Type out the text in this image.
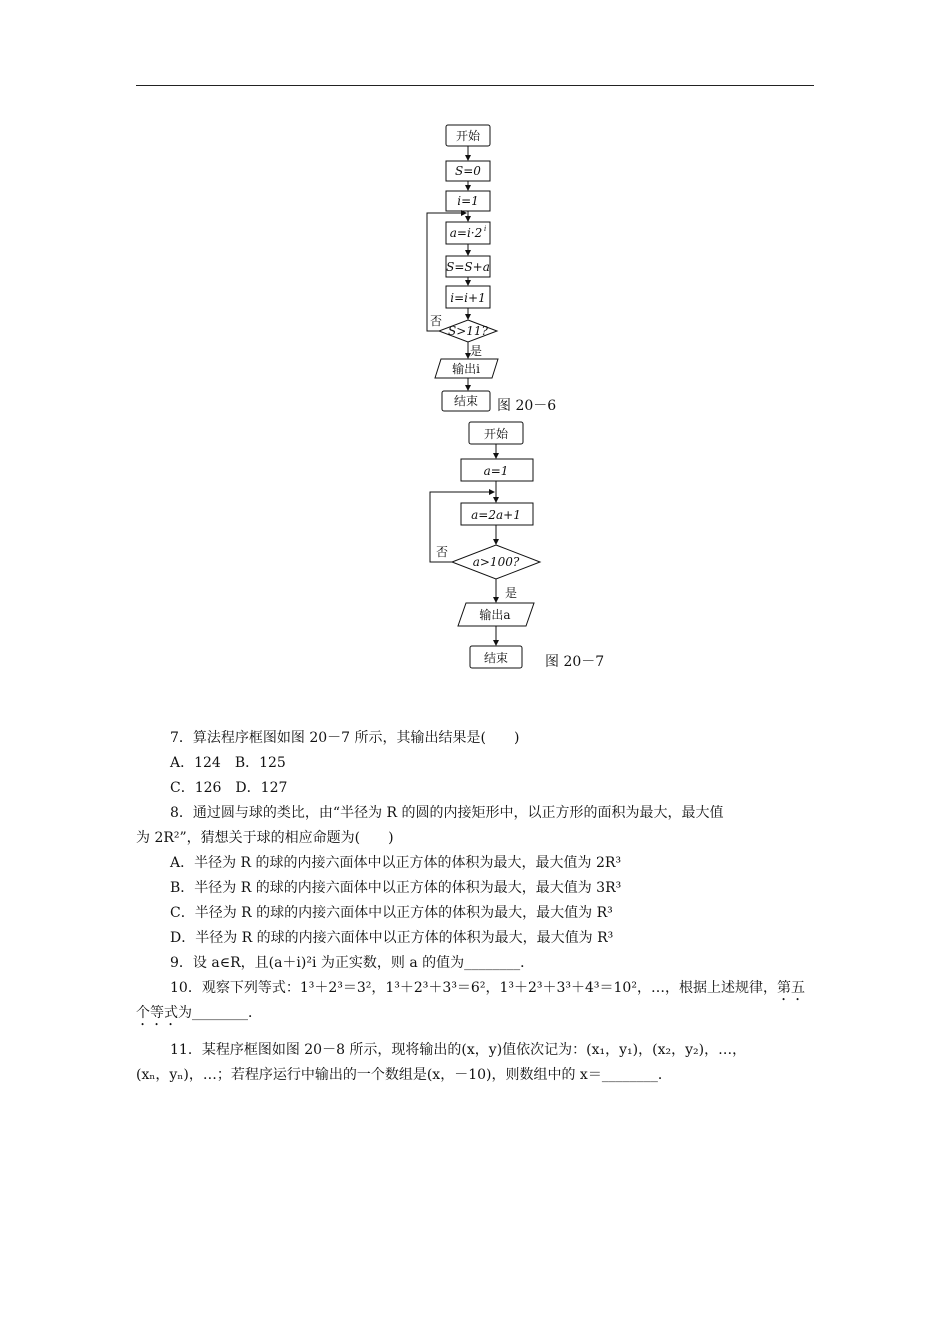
开始
S=0
i=1
a=i·2 i
S=S+a
i=i+1
S>11?
否
是
输出i
结束 图 20－6
开始
a=1
a=2a+1
a>100?
否
是
输出a
结束	图 20－7
7．算法程序框图如图 20－7 所示，其输出结果是(　　)
A．124　B．125
C．126　D．127
8．通过圆与球的类比，由“半径为 R 的圆的内接矩形中，以正方形的面积为最大，最大值
为 2R²”，猜想关于球的相应命题为(　　)
A．半径为 R 的球的内接六面体中以正方体的体积为最大，最大值为 2R³
B．半径为 R 的球的内接六面体中以正方体的体积为最大，最大值为 3R³
C．半径为 R 的球的内接六面体中以正方体的体积为最大，最大值为 R³
D．半径为 R 的球的内接六面体中以正方体的体积为最大，最大值为 R³
9．设 a∈R，且(a＋i)²i 为正实数，则 a 的值为________．
10．观察下列等式：1³＋2³＝3²，1³＋2³＋3³＝6²，1³＋2³＋3³＋4³＝10²，…，根据上述规律，第五
个等式为________．
11．某程序框图如图 20－8 所示，现将输出的(x，y)值依次记为：(x₁，y₁)，(x₂，y₂)，…，
(xₙ，yₙ)，…；若程序运行中输出的一个数组是(x，－10)，则数组中的 x＝________．
